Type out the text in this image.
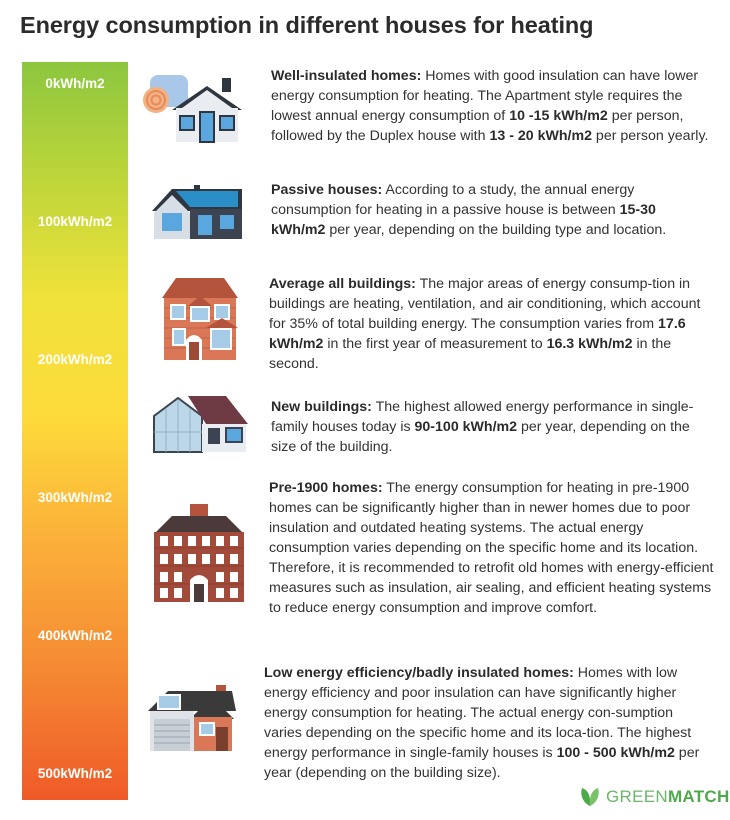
Energy consumption in different houses for heating
0kWh/m2
100kWh/m2
200kWh/m2
300kWh/m2
400kWh/m2
500kWh/m2
Well-insulated homes: Homes with good insulation can have lower energy consumption for heating. The Apartment style requires the lowest annual energy consumption of 10 -15 kWh/m2 per person, followed by the Duplex house with 13 - 20 kWh/m2 per person yearly.
Passive houses: According to a study, the annual energy consumption for heating in a passive house is between 15-30 kWh/m2 per year, depending on the building type and location.
Average all buildings: The major areas of energy consump-tion in buildings are heating, ventilation, and air conditioning, which account for 35% of total building energy. The consumption varies from 17.6 kWh/m2 in the first year of measurement to 16.3 kWh/m2 in the second.
New buildings: The highest allowed energy performance in single-family houses today is 90-100 kWh/m2 per year, depending on the size of the building.
Pre-1900 homes: The energy consumption for heating in pre-1900 homes can be significantly higher than in newer homes due to poor insulation and outdated heating systems. The actual energy consumption varies depending on the specific home and its location. Therefore, it is recommended to retrofit old homes with energy-efficient measures such as insulation, air sealing, and efficient heating systems to reduce energy consumption and improve comfort.
Low energy efficiency/badly insulated homes: Homes with low energy efficiency and poor insulation can have significantly higher energy consumption for heating. The actual energy con-sumption varies depending on the specific home and its loca-tion. The highest energy performance in single-family houses is 100 - 500 kWh/m2 per year (depending on the building size).
GREENMATCH
